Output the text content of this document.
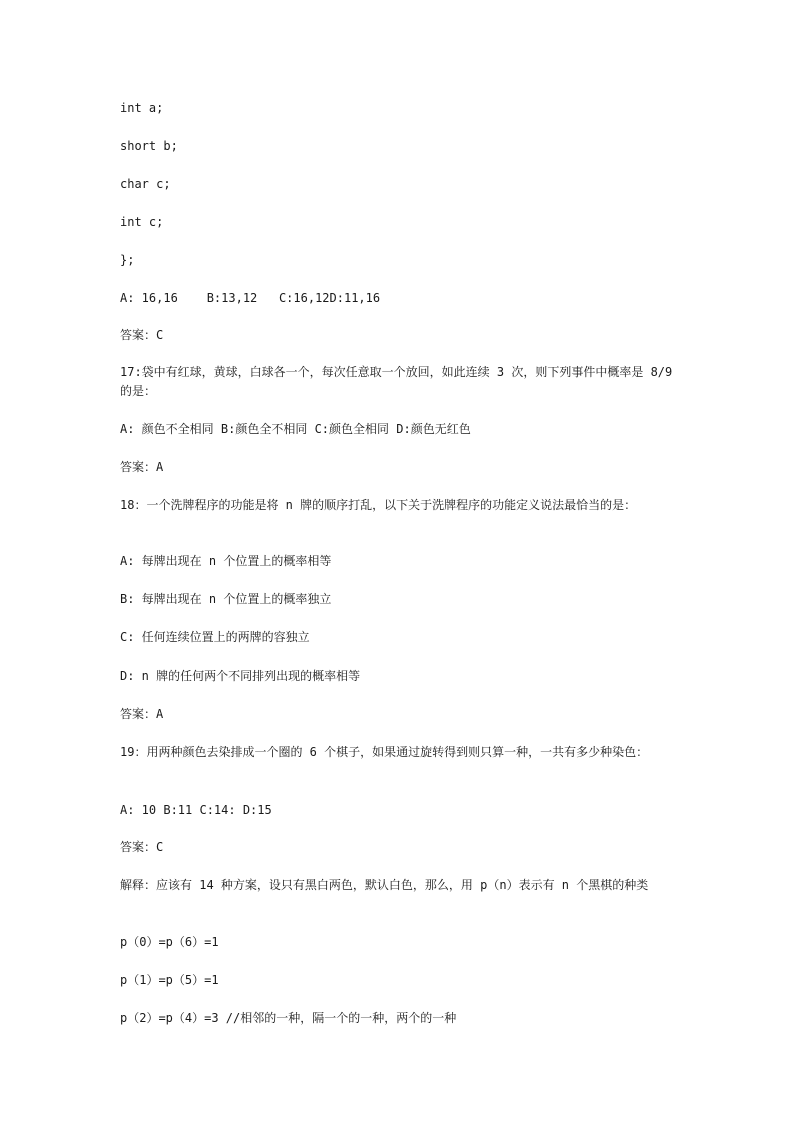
int a;
short b;
char c;
int c;
};
A: 16,16    B:13,12   C:16,12D:11,16
答案：C
17:袋中有红球，黄球，白球各一个，每次任意取一个放回，如此连续 3 次，则下列事件中概率是 8/9 的是：
A: 颜色不全相同 B:颜色全不相同 C:颜色全相同 D:颜色无红色
答案：A
18：一个洗牌程序的功能是将 n 牌的顺序打乱，以下关于洗牌程序的功能定义说法最恰当的是：
A: 每牌出现在 n 个位置上的概率相等
B: 每牌出现在 n 个位置上的概率独立
C: 任何连续位置上的两牌的容独立
D: n 牌的任何两个不同排列出现的概率相等
答案：A
19：用两种颜色去染排成一个圈的 6 个棋子，如果通过旋转得到则只算一种，一共有多少种染色：
A: 10 B:11 C:14: D:15
答案：C
解释：应该有 14 种方案，设只有黑白两色，默认白色，那么，用 p（n）表示有 n 个黑棋的种类
p（0）=p（6）=1
p（1）=p（5）=1
p（2）=p（4）=3 //相邻的一种，隔一个的一种，两个的一种
